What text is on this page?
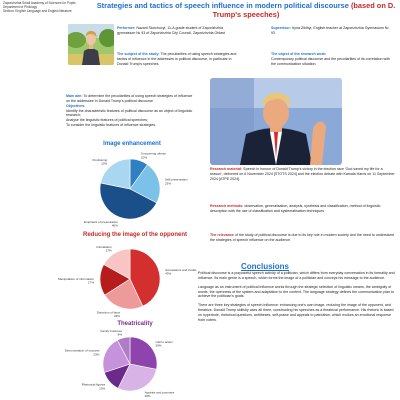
Zaporizhzhia Small Academy of Sciences for Pupils
Department of Philology
Section: English Language and English literature
Strategies and tactics of speech influence in modern political discourse (based on D. Trump's speeches)
Performer: Nazarii Storchovyi, 11-A grade student of Zaporizhzhia gymnasium № 93 of Zaporizhzhia City Council, Zaporizhzhia Oblast
Supervisor: Iryna Zikthyi, English teacher at Zaporizhzhia Gymnasium № 93
The subject of the study: The peculiarities of using speech strategies and tactics of influence in the addresses in political discourse, in particular in Donald Trump's speeches.
The object of the research work:
Contemporary political discourse and the peculiarities of its correlation with the communication situation.
Main aim: To determine the peculiarities of using speech strategies of influence on the addressee in Donald Trump's political discourse
Objectives:
Identify the characteristic features of political discourse as an object of linguistic research;
Analyse the linguistic features of political speeches;
To consider the linguistic features of influence strategies.
Image enhancement
Reducing the image of the opponent
Theatricality
Uncovering ulterior
10%
Self-presentation
23%
Emphasis of presentation
46%
Positioning
22%
Accusations and insults
43%
Distortion of facts
23%
Manipulation of information
17%
Intimidation
17%
Call to action
29%
Appeals and promises
30%
Rhetorical figures
13%
Demonstration of success
23%
Family business
8%
Research material: Speech in honour of Donald Trump's victory in the election race 'God saved my life for a reason', delivered on 6 November 2024 [STOTS 2024] and the election debate with Kamala Harris on 11 September 2024 [ATPE 2024].
Research methods: observation, generalisation, analysis, synthesis and classification, method of linguistic description with the use of classification and systematisation techniques
The relevance of the study of political discourse is due to its key role in modern society and the need to understand the strategies of speech influence on the audience.
Conclusions

Political discourse is a purposeful speech activity of a politician, which differs from everyday conversation in its formality and influence. Its main genre is a speech, which forms the image of a politician and conveys his message to the audience.

Language as an instrument of political influence works through the strategic selection of linguistic means, the ambiguity of words, the openness of the system and adaptation to the context. The language strategy defines the communication plan to achieve the politician's goals.

There are three key strategies of speech influence: enhancing one's own image, reducing the image of the opponent, and theatrics. Donald Trump skilfully uses all three, constructing his speeches as a theatrical performance. His rhetoric is based on hyperbole, rhetorical questions, antitheses, self-praise and appeals to patriotism, which evokes an emotional response from voters.
